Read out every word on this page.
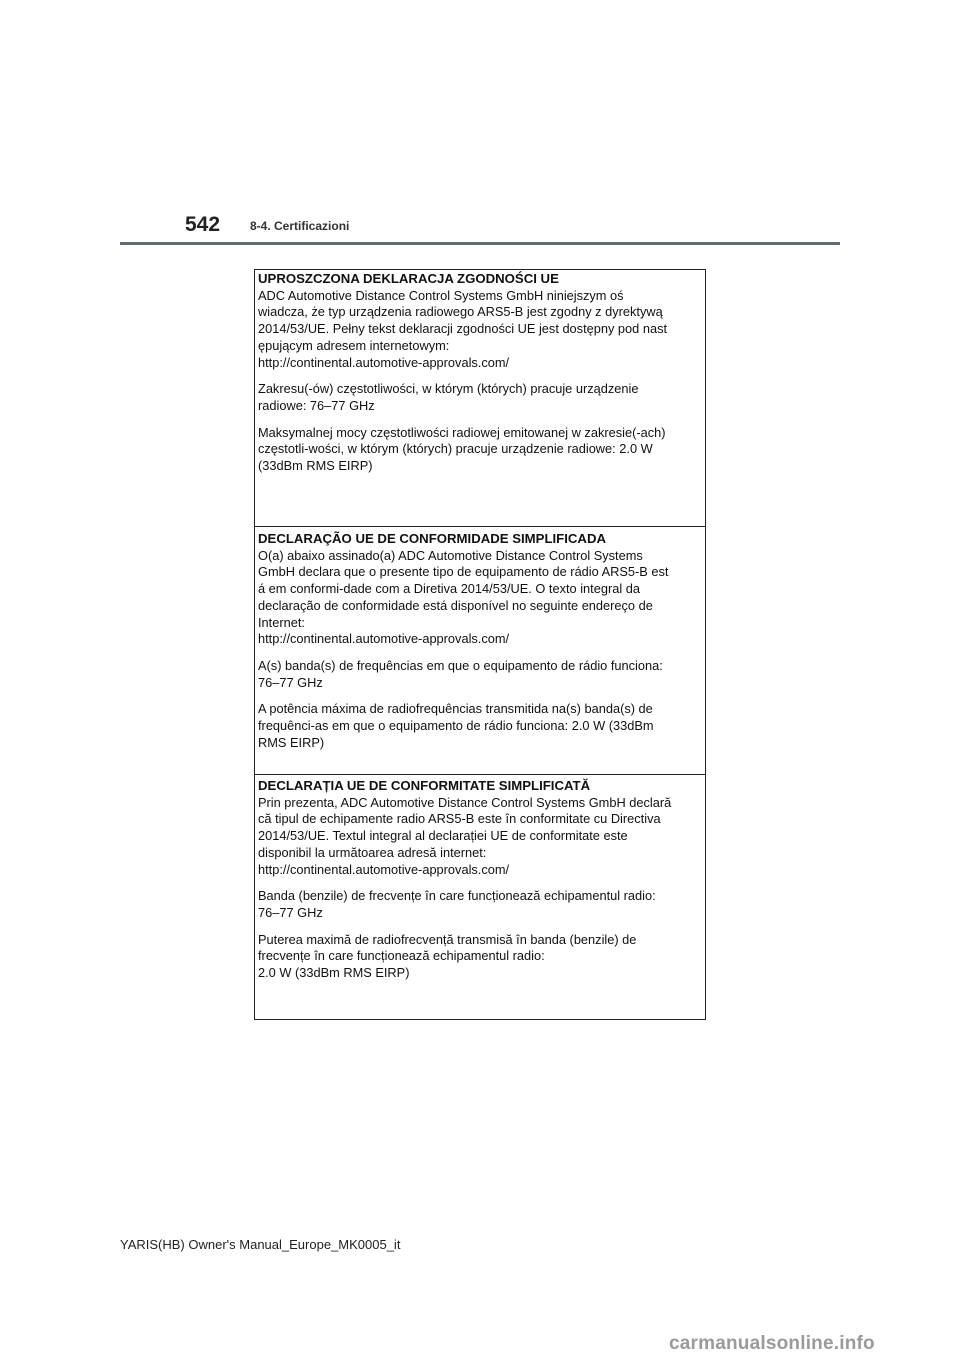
542 8-4. Certificazioni

UPROSZCZONA DEKLARACJA ZGODNOŚCI UE

ADC Automotive Distance Control Systems GmbH niniejszym oś
wiadcza, że typ urządzenia radiowego ARS5-B jest zgodny z dyrektywą
2014/53/UE. Pełny tekst deklaracji zgodności UE jest dostępny pod nast
ępującym adresem internetowym:
http://continental.automotive-approvals.com/

Zakresu(-ów) częstotliwości, w którym (których) pracuje urządzenie
radiowe: 76–77 GHz

Maksymalnej mocy częstotliwości radiowej emitowanej w zakresie(-ach)
częstotli-wości, w którym (których) pracuje urządzenie radiowe: 2.0 W
(33dBm RMS EIRP)

DECLARAÇÃO UE DE CONFORMIDADE SIMPLIFICADA

O(a) abaixo assinado(a) ADC Automotive Distance Control Systems
GmbH declara que o presente tipo de equipamento de rádio ARS5-B est
á em conformi-dade com a Diretiva 2014/53/UE. O texto integral da
declaração de conformidade está disponível no seguinte endereço de
Internet:
http://continental.automotive-approvals.com/

A(s) banda(s) de frequências em que o equipamento de rádio funciona:
76–77 GHz

A potência máxima de radiofrequências transmitida na(s) banda(s) de
frequênci-as em que o equipamento de rádio funciona: 2.0 W (33dBm
RMS EIRP)

DECLARAȚIA UE DE CONFORMITATE SIMPLIFICATĂ

Prin prezenta, ADC Automotive Distance Control Systems GmbH declară
că tipul de echipamente radio ARS5-B este în conformitate cu Directiva
2014/53/UE. Textul integral al declarației UE de conformitate este
disponibil la următoarea adresă internet:
http://continental.automotive-approvals.com/

Banda (benzile) de frecvențe în care funcționează echipamentul radio:
76–77 GHz

Puterea maximă de radiofrecvență transmisă în banda (benzile) de
frecvențe în care funcționează echipamentul radio:
2.0 W (33dBm RMS EIRP)

YARIS(HB) Owner's Manual_Europe_MK0005_it
carmanualsonline.info
